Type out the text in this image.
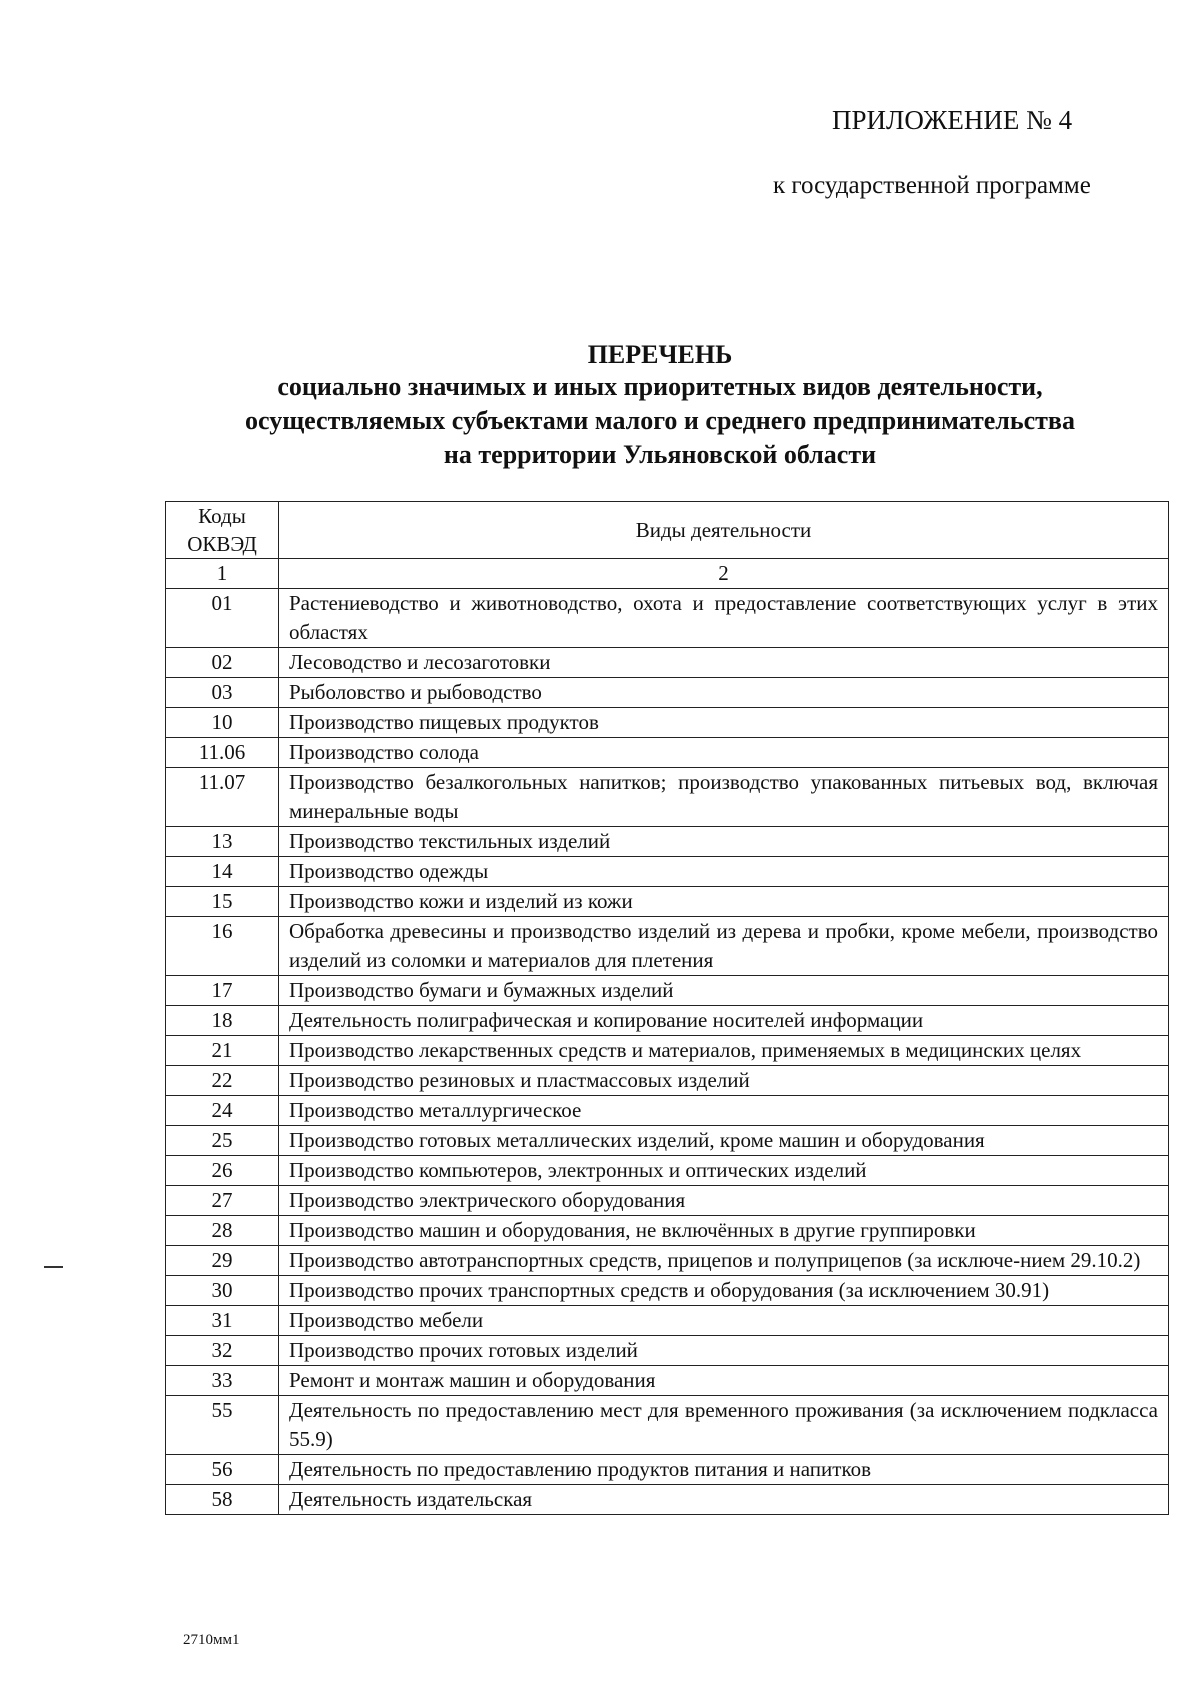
ПРИЛОЖЕНИЕ № 4
к государственной программе
ПЕРЕЧЕНЬ
социально значимых и иных приоритетных видов деятельности,
осуществляемых субъектами малого и среднего предпринимательства
на территории Ульяновской области
Коды ОКВЭД	Виды деятельности
1	2
01	Растениеводство и животноводство, охота и предоставление соответствующих услуг в этих областях
02	Лесоводство и лесозаготовки
03	Рыболовство и рыбоводство
10	Производство пищевых продуктов
11.06	Производство солода
11.07	Производство безалкогольных напитков; производство упакованных питьевых вод, включая минеральные воды
13	Производство текстильных изделий
14	Производство одежды
15	Производство кожи и изделий из кожи
16	Обработка древесины и производство изделий из дерева и пробки, кроме мебели, производство изделий из соломки и материалов для плетения
17	Производство бумаги и бумажных изделий
18	Деятельность полиграфическая и копирование носителей информации
21	Производство лекарственных средств и материалов, применяемых в медицинских целях
22	Производство резиновых и пластмассовых изделий
24	Производство металлургическое
25	Производство готовых металлических изделий, кроме машин и оборудования
26	Производство компьютеров, электронных и оптических изделий
27	Производство электрического оборудования
28	Производство машин и оборудования, не включённых в другие группировки
29	Производство автотранспортных средств, прицепов и полуприцепов (за исключе-нием 29.10.2)
30	Производство прочих транспортных средств и оборудования (за исключением 30.91)
31	Производство мебели
32	Производство прочих готовых изделий
33	Ремонт и монтаж машин и оборудования
55	Деятельность по предоставлению мест для временного проживания (за исключением подкласса 55.9)
56	Деятельность по предоставлению продуктов питания и напитков
58	Деятельность издательская
2710мм1
